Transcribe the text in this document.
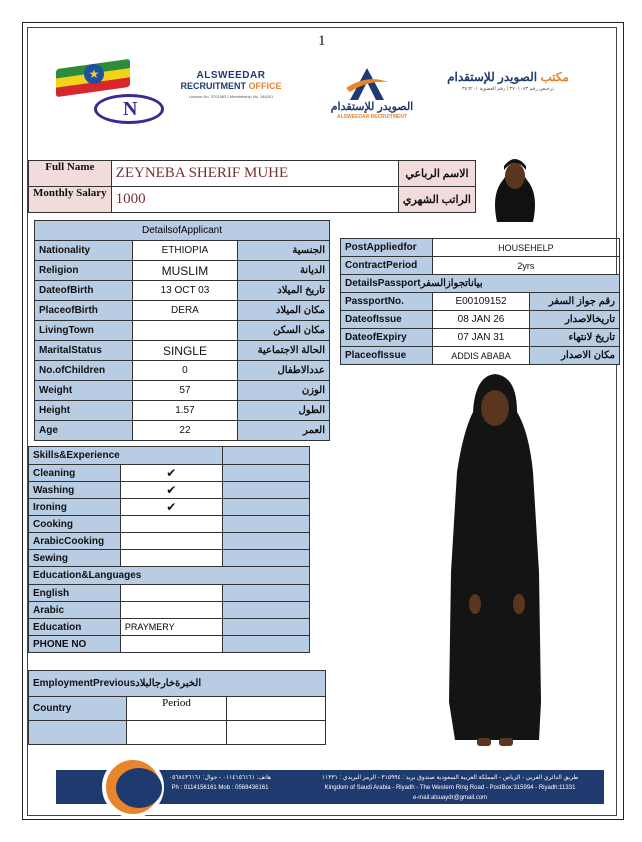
1
★
N
ALSWEEDAR
RECRUITMENT OFFICE
License No. 3701083 | Membership No. 346201
الصويدر للإستقدام
ALSWEEDAR RECRUITMENT
مكتب الصويدر للإستقدام
ترخيص رقم ٣٧٠١٠٨٣ | رقم العضوية ٣٤٦٢٠١
Full Name	ZEYNEBA SHERIF MUHE	الاسم الرباعي
Monthly Salary	1000	الراتب الشهري
DetailsofApplicant		
Nationality	ETHIOPIA	الجنسية
Religion	MUSLIM	الديانة
DateofBirth	13 OCT 03	تاريخ الميلاد
PlaceofBirth	DERA	مكان الميلاد
LivingTown		مكان السكن
MaritalStatus	SINGLE	الحالة الاجتماعية
No.ofChildren	0	عددالاطفال
Weight	57	الوزن
Height	1.57	الطول
Age	22	العمر
PostAppliedfor	HOUSEHELP	
ContractPeriod	2yrs	
DetailsPassportبياناتجوازالسفر		
PassportNo.	E00109152	رقم جواز السفر
DateofIssue	08 JAN 26	تاريخالاصدار
DateofExpiry	07 JAN 31	تاريخ لانتهاء
PlaceofIssue	ADDIS ABABA	مكان الاصدار
Skills&Experience		
Cleaning	✔	
Washing	✔	
Ironing	✔	
Cooking		
ArabicCooking		
Sewing		
Education&Languages		
English		
Arabic		
Education	PRAYMERY	
PHONE NO		
EmploymentPreviousالخبرةخارجالبلاد		
Country	Period	

هاتف: ٠١١٤١٥٦١٦١ - جوال: ٠٥٦٨٤٣٦١٦١
Ph : 0114156161 Mob : 0568436161
طريق الدائري الغربي - الرياض - المملكة العربية السعودية صندوق بريد : ٣١٥٩٩٤ - الرمز البريدي : ١١٣٣١
Kingdom of Saudi Arabia - Riyadh - The Western Ring Road - PostBox:315994 - Riyadh:11331
e-mail:alsuaydr@gmail.com
